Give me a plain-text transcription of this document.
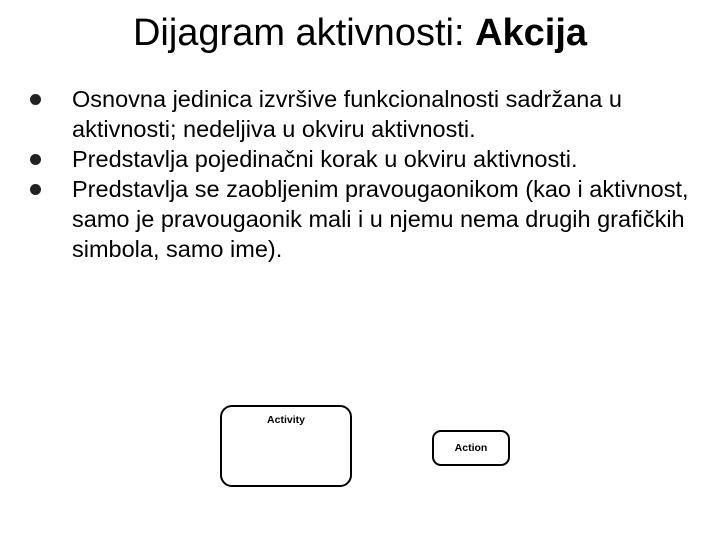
Dijagram aktivnosti: Akcija
Osnovna jedinica izvršive funkcionalnosti sadržana u aktivnosti; nedeljiva u okviru aktivnosti.
Predstavlja pojedinačni korak u okviru aktivnosti.
Predstavlja se zaobljenim pravougaonikom (kao i aktivnost, samo je pravougaonik mali i u njemu nema drugih grafičkih simbola, samo ime).
Activity
Action
